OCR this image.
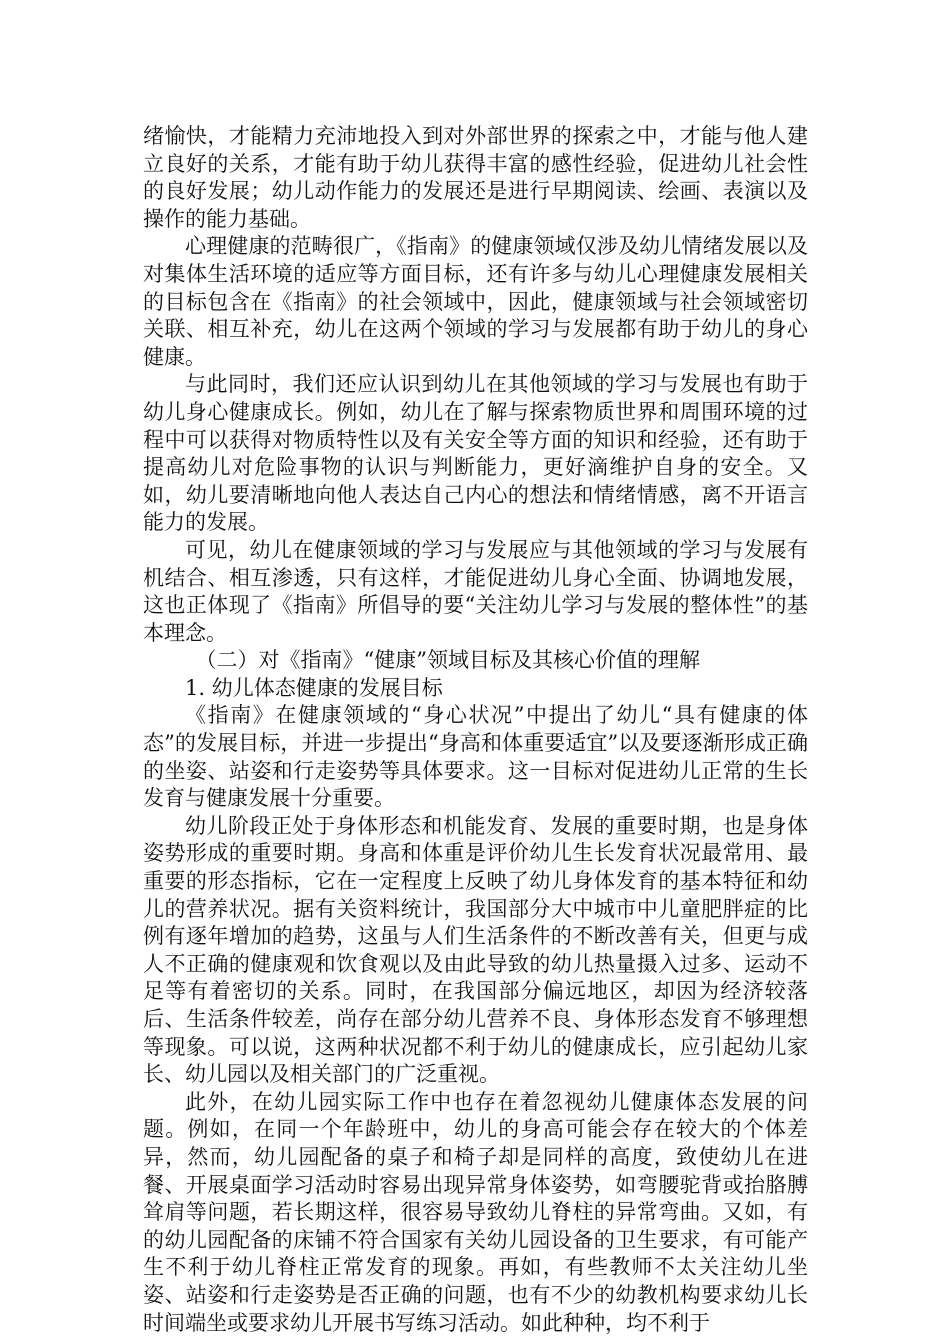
绪愉快，才能精力充沛地投入到对外部世界的探索之中，才能与他人建立良好的关系，才能有助于幼儿获得丰富的感性经验，促进幼儿社会性的良好发展；幼儿动作能力的发展还是进行早期阅读、绘画、表演以及操作的能力基础。

心理健康的范畴很广，《指南》的健康领域仅涉及幼儿情绪发展以及对集体生活环境的适应等方面目标，还有许多与幼儿心理健康发展相关的目标包含在《指南》的社会领域中，因此，健康领域与社会领域密切关联、相互补充，幼儿在这两个领域的学习与发展都有助于幼儿的身心健康。

与此同时，我们还应认识到幼儿在其他领域的学习与发展也有助于幼儿身心健康成长。例如，幼儿在了解与探索物质世界和周围环境的过程中可以获得对物质特性以及有关安全等方面的知识和经验，还有助于提高幼儿对危险事物的认识与判断能力，更好滴维护自身的安全。又如，幼儿要清晰地向他人表达自己内心的想法和情绪情感，离不开语言能力的发展。

可见，幼儿在健康领域的学习与发展应与其他领域的学习与发展有机结合、相互渗透，只有这样，才能促进幼儿身心全面、协调地发展，这也正体现了《指南》所倡导的要“关注幼儿学习与发展的整体性”的基本理念。

（二）对《指南》“健康”领域目标及其核心价值的理解

1. 幼儿体态健康的发展目标

《指南》在健康领域的“身心状况”中提出了幼儿“具有健康的体态”的发展目标，并进一步提出“身高和体重要适宜”以及要逐渐形成正确的坐姿、站姿和行走姿势等具体要求。这一目标对促进幼儿正常的生长发育与健康发展十分重要。

幼儿阶段正处于身体形态和机能发育、发展的重要时期，也是身体姿势形成的重要时期。身高和体重是评价幼儿生长发育状况最常用、最重要的形态指标，它在一定程度上反映了幼儿身体发育的基本特征和幼儿的营养状况。据有关资料统计，我国部分大中城市中儿童肥胖症的比例有逐年增加的趋势，这虽与人们生活条件的不断改善有关，但更与成人不正确的健康观和饮食观以及由此导致的幼儿热量摄入过多、运动不足等有着密切的关系。同时，在我国部分偏远地区，却因为经济较落后、生活条件较差，尚存在部分幼儿营养不良、身体形态发育不够理想等现象。可以说，这两种状况都不利于幼儿的健康成长，应引起幼儿家长、幼儿园以及相关部门的广泛重视。

此外，在幼儿园实际工作中也存在着忽视幼儿健康体态发展的问题。例如，在同一个年龄班中，幼儿的身高可能会存在较大的个体差异，然而，幼儿园配备的桌子和椅子却是同样的高度，致使幼儿在进餐、开展桌面学习活动时容易出现异常身体姿势，如弯腰驼背或抬胳膊耸肩等问题，若长期这样，很容易导致幼儿脊柱的异常弯曲。又如，有的幼儿园配备的床铺不符合国家有关幼儿园设备的卫生要求，有可能产生不利于幼儿脊柱正常发育的现象。再如，有些教师不太关注幼儿坐姿、站姿和行走姿势是否正确的问题，也有不少的幼教机构要求幼儿长时间端坐或要求幼儿开展书写练习活动。如此种种，均不利于
